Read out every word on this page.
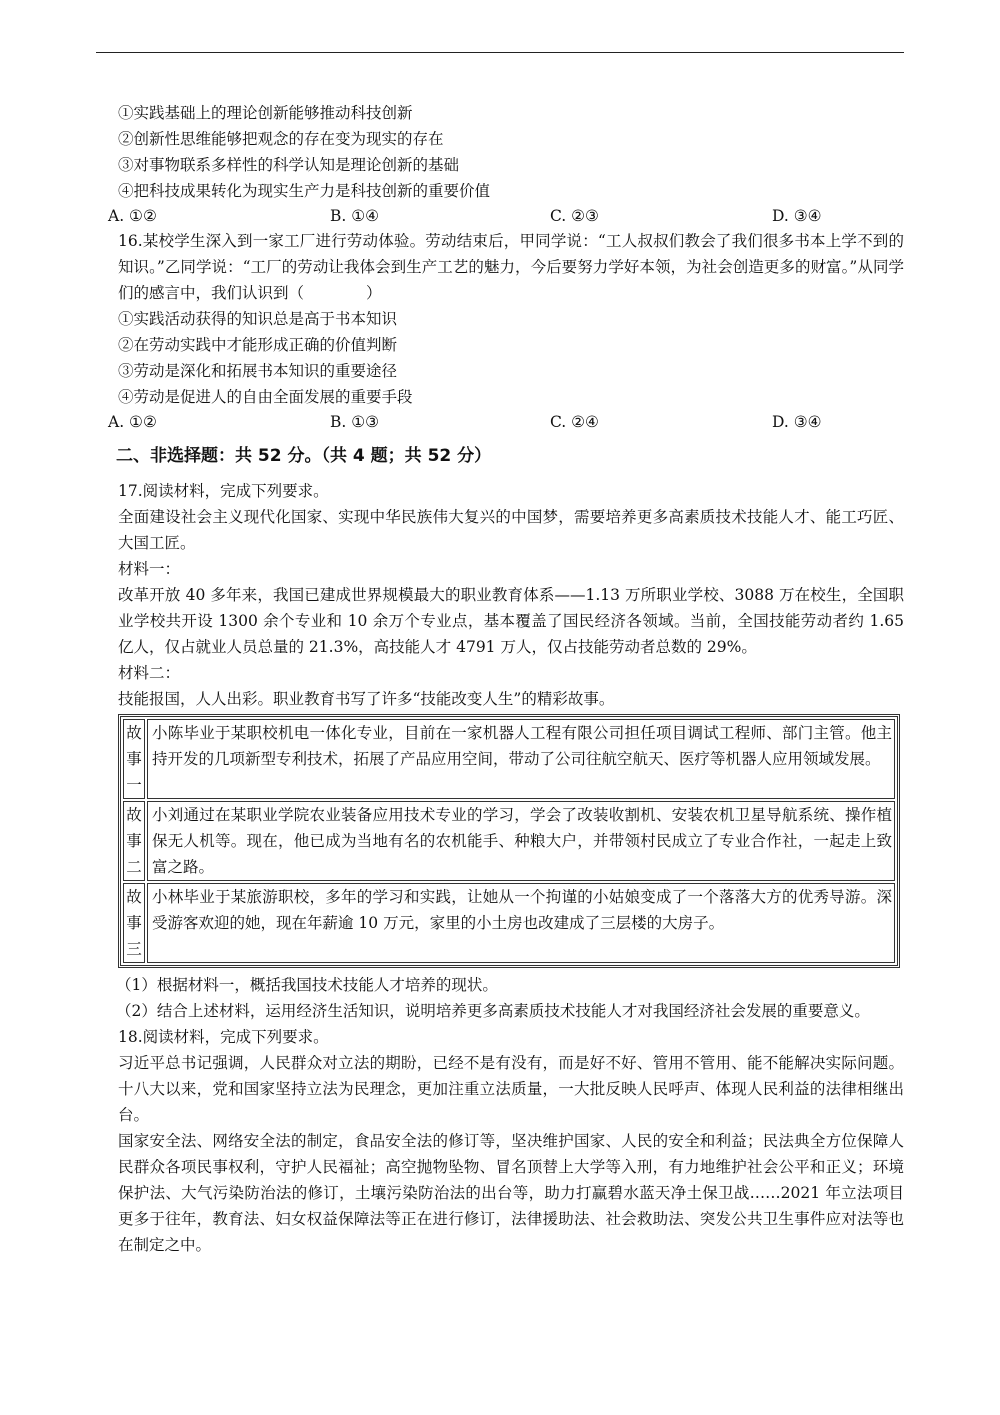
①实践基础上的理论创新能够推动科技创新
②创新性思维能够把观念的存在变为现实的存在
③对事物联系多样性的科学认知是理论创新的基础
④把科技成果转化为现实生产力是科技创新的重要价值
A. ①②	B. ①④	C. ②③	D. ③④
16.某校学生深入到一家工厂进行劳动体验。劳动结束后，甲同学说：“工人叔叔们教会了我们很多书本上学不到的知识。”乙同学说：“工厂的劳动让我体会到生产工艺的魅力，今后要努力学好本领，为社会创造更多的财富。”从同学们的感言中，我们认识到（　　　　）
①实践活动获得的知识总是高于书本知识
②在劳动实践中才能形成正确的价值判断
③劳动是深化和拓展书本知识的重要途径
④劳动是促进人的自由全面发展的重要手段
A. ①②	B. ①③	C. ②④	D. ③④
二、非选择题：共 52 分。（共 4 题；共 52 分）
17.阅读材料，完成下列要求。
全面建设社会主义现代化国家、实现中华民族伟大复兴的中国梦，需要培养更多高素质技术技能人才、能工巧匠、大国工匠。
材料一：
改革开放 40 多年来，我国已建成世界规模最大的职业教育体系——1.13 万所职业学校、3088 万在校生，全国职业学校共开设 1300 余个专业和 10 余万个专业点，基本覆盖了国民经济各领域。当前，全国技能劳动者约 1.65 亿人，仅占就业人员总量的 21.3%，高技能人才 4791 万人，仅占技能劳动者总数的 29%。
材料二：
技能报国，人人出彩。职业教育书写了许多“技能改变人生”的精彩故事。
故
事
一	小陈毕业于某职校机电一体化专业，目前在一家机器人工程有限公司担任项目调试工程师、部门主管。他主持开发的几项新型专利技术，拓展了产品应用空间，带动了公司往航空航天、医疗等机器人应用领域发展。

故
事
二	小刘通过在某职业学院农业装备应用技术专业的学习，学会了改装收割机、安装农机卫星导航系统、操作植保无人机等。现在，他已成为当地有名的农机能手、种粮大户，并带领村民成立了专业合作社，一起走上致富之路。

故
事
三	小林毕业于某旅游职校，多年的学习和实践，让她从一个拘谨的小姑娘变成了一个落落大方的优秀导游。深受游客欢迎的她，现在年薪逾 10 万元，家里的小土房也改建成了三层楼的大房子。
（1）根据材料一，概括我国技术技能人才培养的现状。
（2）结合上述材料，运用经济生活知识，说明培养更多高素质技术技能人才对我国经济社会发展的重要意义。
18.阅读材料，完成下列要求。
习近平总书记强调，人民群众对立法的期盼，已经不是有没有，而是好不好、管用不管用、能不能解决实际问题。十八大以来，党和国家坚持立法为民理念，更加注重立法质量，一大批反映人民呼声、体现人民利益的法律相继出台。
国家安全法、网络安全法的制定，食品安全法的修订等，坚决维护国家、人民的安全和利益；民法典全方位保障人民群众各项民事权利，守护人民福祉；高空抛物坠物、冒名顶替上大学等入刑，有力地维护社会公平和正义；环境保护法、大气污染防治法的修订，土壤污染防治法的出台等，助力打赢碧水蓝天净土保卫战……2021 年立法项目更多于往年，教育法、妇女权益保障法等正在进行修订，法律援助法、社会救助法、突发公共卫生事件应对法等也在制定之中。
